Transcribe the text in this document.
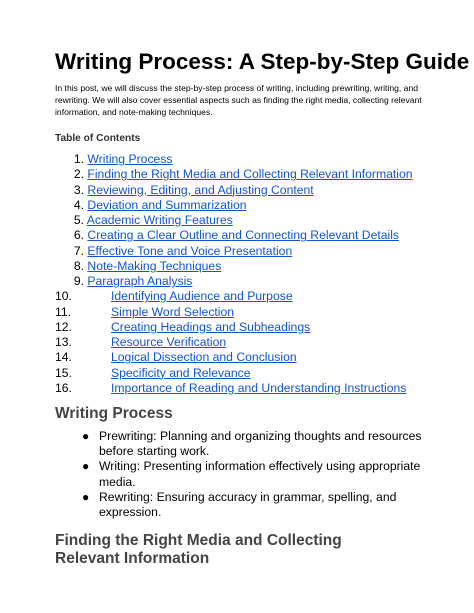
Writing Process: A Step-by-Step Guide

In this post, we will discuss the step-by-step process of writing, including prewriting, writing, and rewriting. We will also cover essential aspects such as finding the right media, collecting relevant information, and note-making techniques.

Table of Contents
1. Writing Process
2. Finding the Right Media and Collecting Relevant Information
3. Reviewing, Editing, and Adjusting Content
4. Deviation and Summarization
5. Academic Writing Features
6. Creating a Clear Outline and Connecting Relevant Details
7. Effective Tone and Voice Presentation
8. Note-Making Techniques
9. Paragraph Analysis
10.	Identifying Audience and Purpose
11.	Simple Word Selection
12.	Creating Headings and Subheadings
13.	Resource Verification
14.	Logical Dissection and Conclusion
15.	Specificity and Relevance
16.	Importance of Reading and Understanding Instructions
Writing Process
● Prewriting: Planning and organizing thoughts and resources before starting work.
● Writing: Presenting information effectively using appropriate media.
● Rewriting: Ensuring accuracy in grammar, spelling, and expression.
Finding the Right Media and Collecting Relevant Information
